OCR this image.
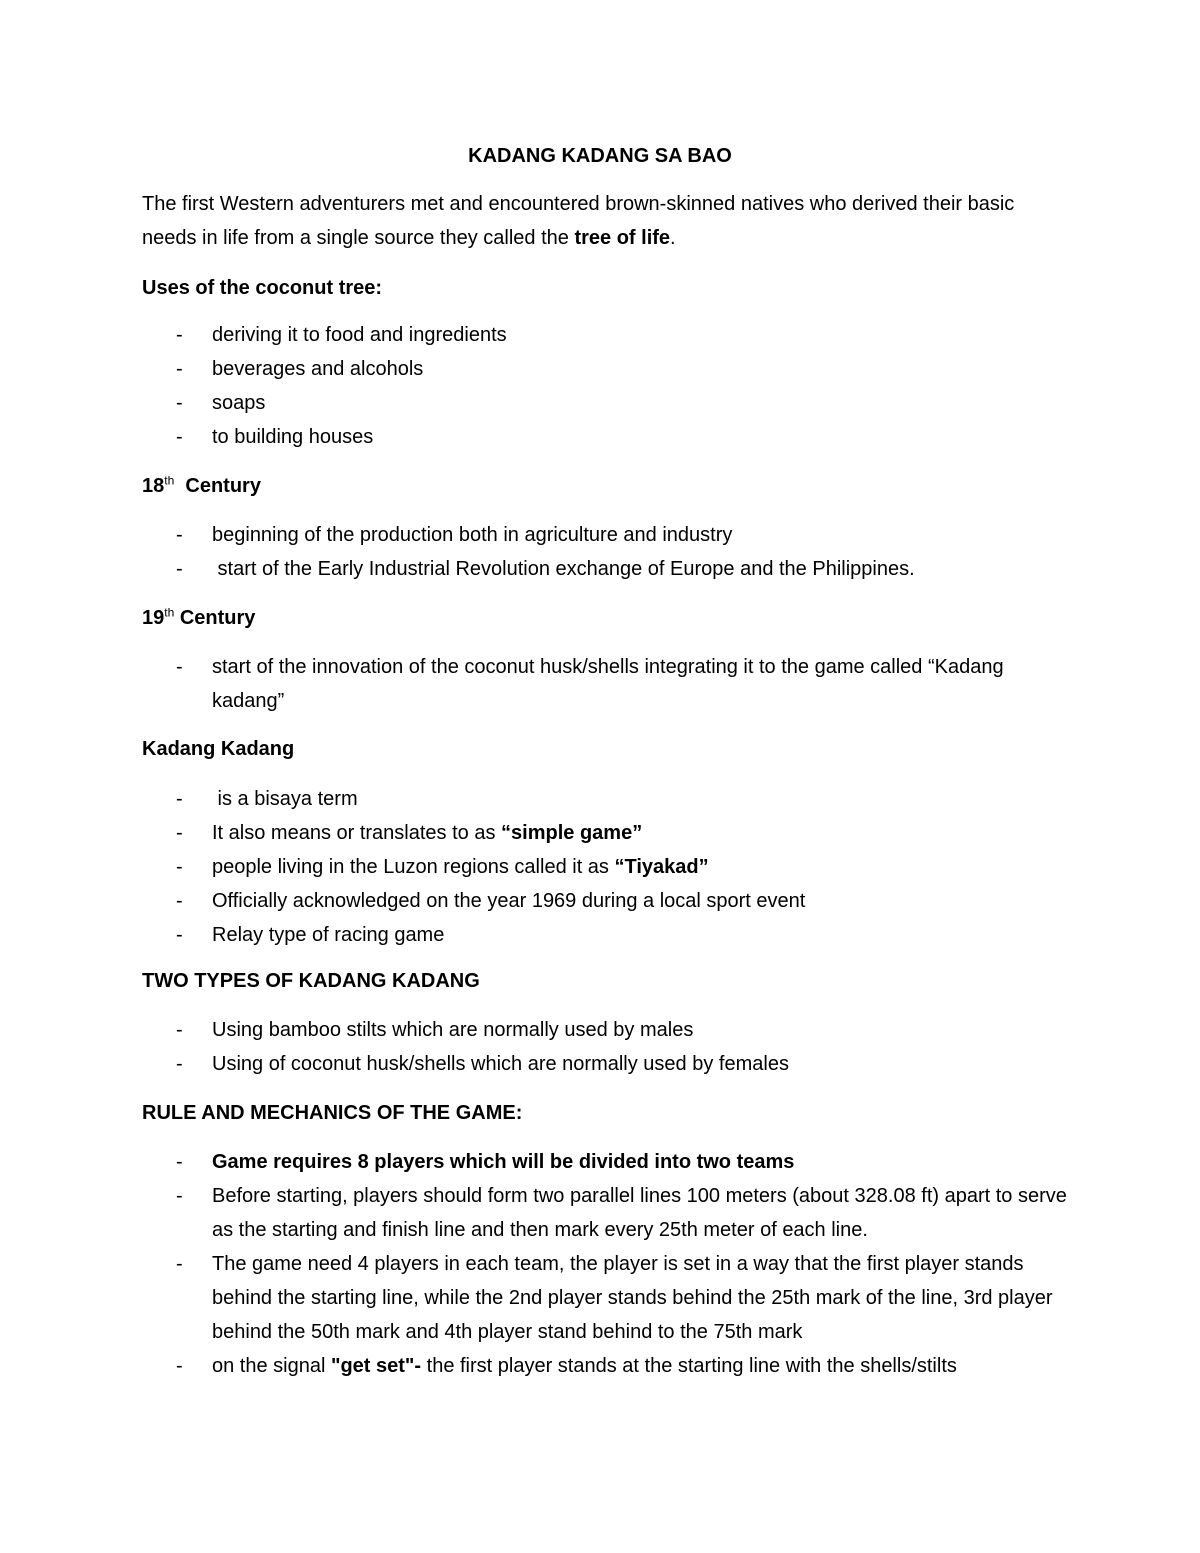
KADANG KADANG SA BAO
The first Western adventurers met and encountered brown-skinned natives who derived their basic needs in life from a single source they called the tree of life.
Uses of the coconut tree:
- deriving it to food and ingredients
- beverages and alcohols
- soaps
- to building houses
18th Century
- beginning of the production both in agriculture and industry
- start of the Early Industrial Revolution exchange of Europe and the Philippines.
19th Century
- start of the innovation of the coconut husk/shells integrating it to the game called “Kadang kadang”
Kadang Kadang
- is a bisaya term
- It also means or translates to as “simple game”
- people living in the Luzon regions called it as “Tiyakad”
- Officially acknowledged on the year 1969 during a local sport event
- Relay type of racing game
TWO TYPES OF KADANG KADANG
- Using bamboo stilts which are normally used by males
- Using of coconut husk/shells which are normally used by females
RULE AND MECHANICS OF THE GAME:
- Game requires 8 players which will be divided into two teams
- Before starting, players should form two parallel lines 100 meters (about 328.08 ft) apart to serve as the starting and finish line and then mark every 25th meter of each line.
- The game need 4 players in each team, the player is set in a way that the first player stands behind the starting line, while the 2nd player stands behind the 25th mark of the line, 3rd player behind the 50th mark and 4th player stand behind to the 75th mark
- on the signal "get set"- the first player stands at the starting line with the shells/stilts
